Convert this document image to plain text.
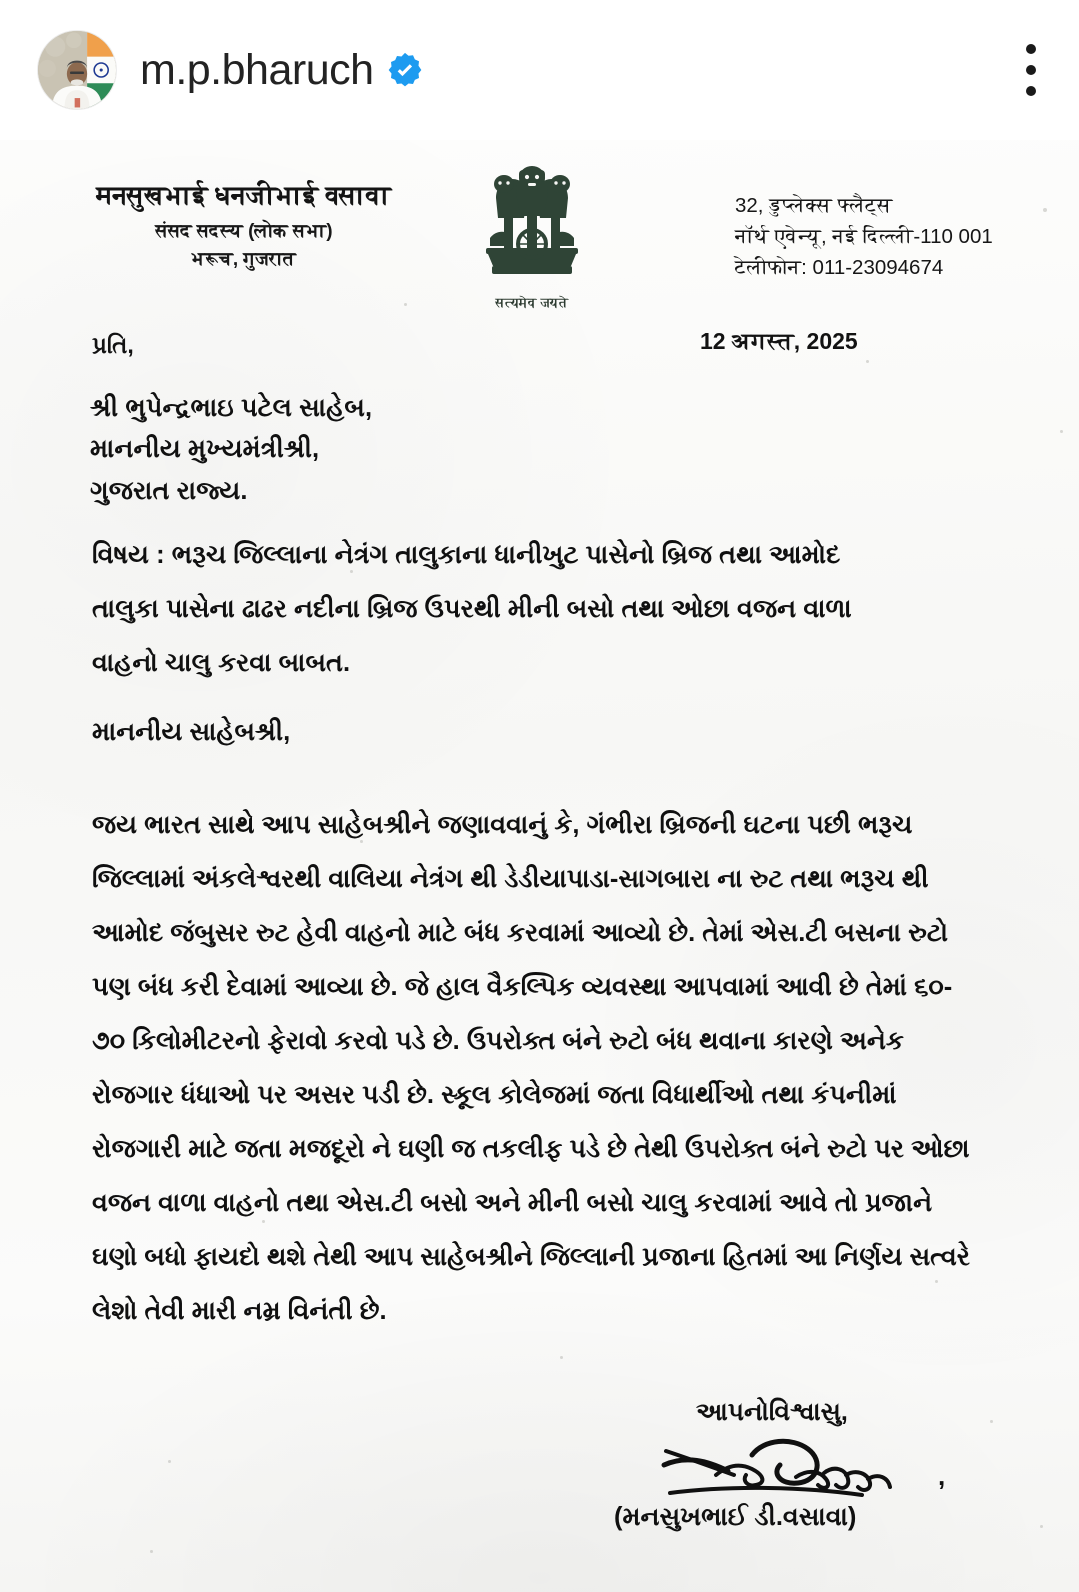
m.p.bharuch
मनसुखभाई धनजीभाई वसावा
संसद सदस्य (लोक सभा)
भरूच, गुजरात
सत्यमेव जयते
32, डुप्लेक्स फ्लैट्स
नॉर्थ एवेन्यू, नई दिल्ली-110 001
टेलीफोन: 011-23094674
12 अगस्त, 2025
પ્રતિ,
શ્રી ભુપેન્દ્રભાઇ પટેલ સાહેબ,
માનનીય મુખ્યમંત્રીશ્રી,
ગુજરાત રાજ્ય.
વિષય : ભરૂચ જિલ્લાના નેત્રંગ તાલુકાના ધાનીખુટ પાસેનો બ્રિજ તથા આમોદ
તાલુકા પાસેના ઢાઢર નદીના બ્રિજ ઉપરથી મીની બસો તથા ઓછા વજન વાળા
વાહનો ચાલુ કરવા બાબત.
માનનીય સાહેબશ્રી,
જય ભારત સાથે આપ સાહેબશ્રીને જણાવવાનું કે, ગંભીરા બ્રિજની ઘટના પછી ભરૂચ
જિલ્લામાં અંકલેશ્વરથી વાલિયા નેત્રંગ થી ડેડીયાપાડા-સાગબારા ના રુટ તથા ભરૂચ થી
આમોદ જંબુસર રુટ હેવી વાહનો માટે બંધ કરવામાં આવ્યો છે. તેમાં એસ.ટી બસના રુટો
પણ બંધ કરી દેવામાં આવ્યા છે. જે હાલ વૈકલ્પિક વ્યવસ્થા આપવામાં આવી છે તેમાં ૬૦-
૭૦ કિલોમીટરનો ફેરાવો કરવો પડે છે. ઉપરોક્ત બંને રુટો બંધ થવાના કારણે અનેક
રોજગાર ધંધાઓ પર અસર પડી છે. સ્કૂલ કોલેજમાં જતા વિધાર્થીઓ તથા કંપનીમાં
રોજગારી માટે જતા મજદૂરો ને ઘણી જ તકલીફ પડે છે તેથી ઉપરોક્ત બંને રુટો પર ઓછા
વજન વાળા વાહનો તથા એસ.ટી બસો અને મીની બસો ચાલુ કરવામાં આવે તો પ્રજાને
ઘણો બધો ફાયદો થશે તેથી આપ સાહેબશ્રીને જિલ્લાની પ્રજાના હિતમાં આ નિર્ણય સત્વરે
લેશો તેવી મારી નમ્ર વિનંતી છે.
આપનોવિશ્વાસુ,
,
(મનસુખભાઈ ડી.વસાવા)
